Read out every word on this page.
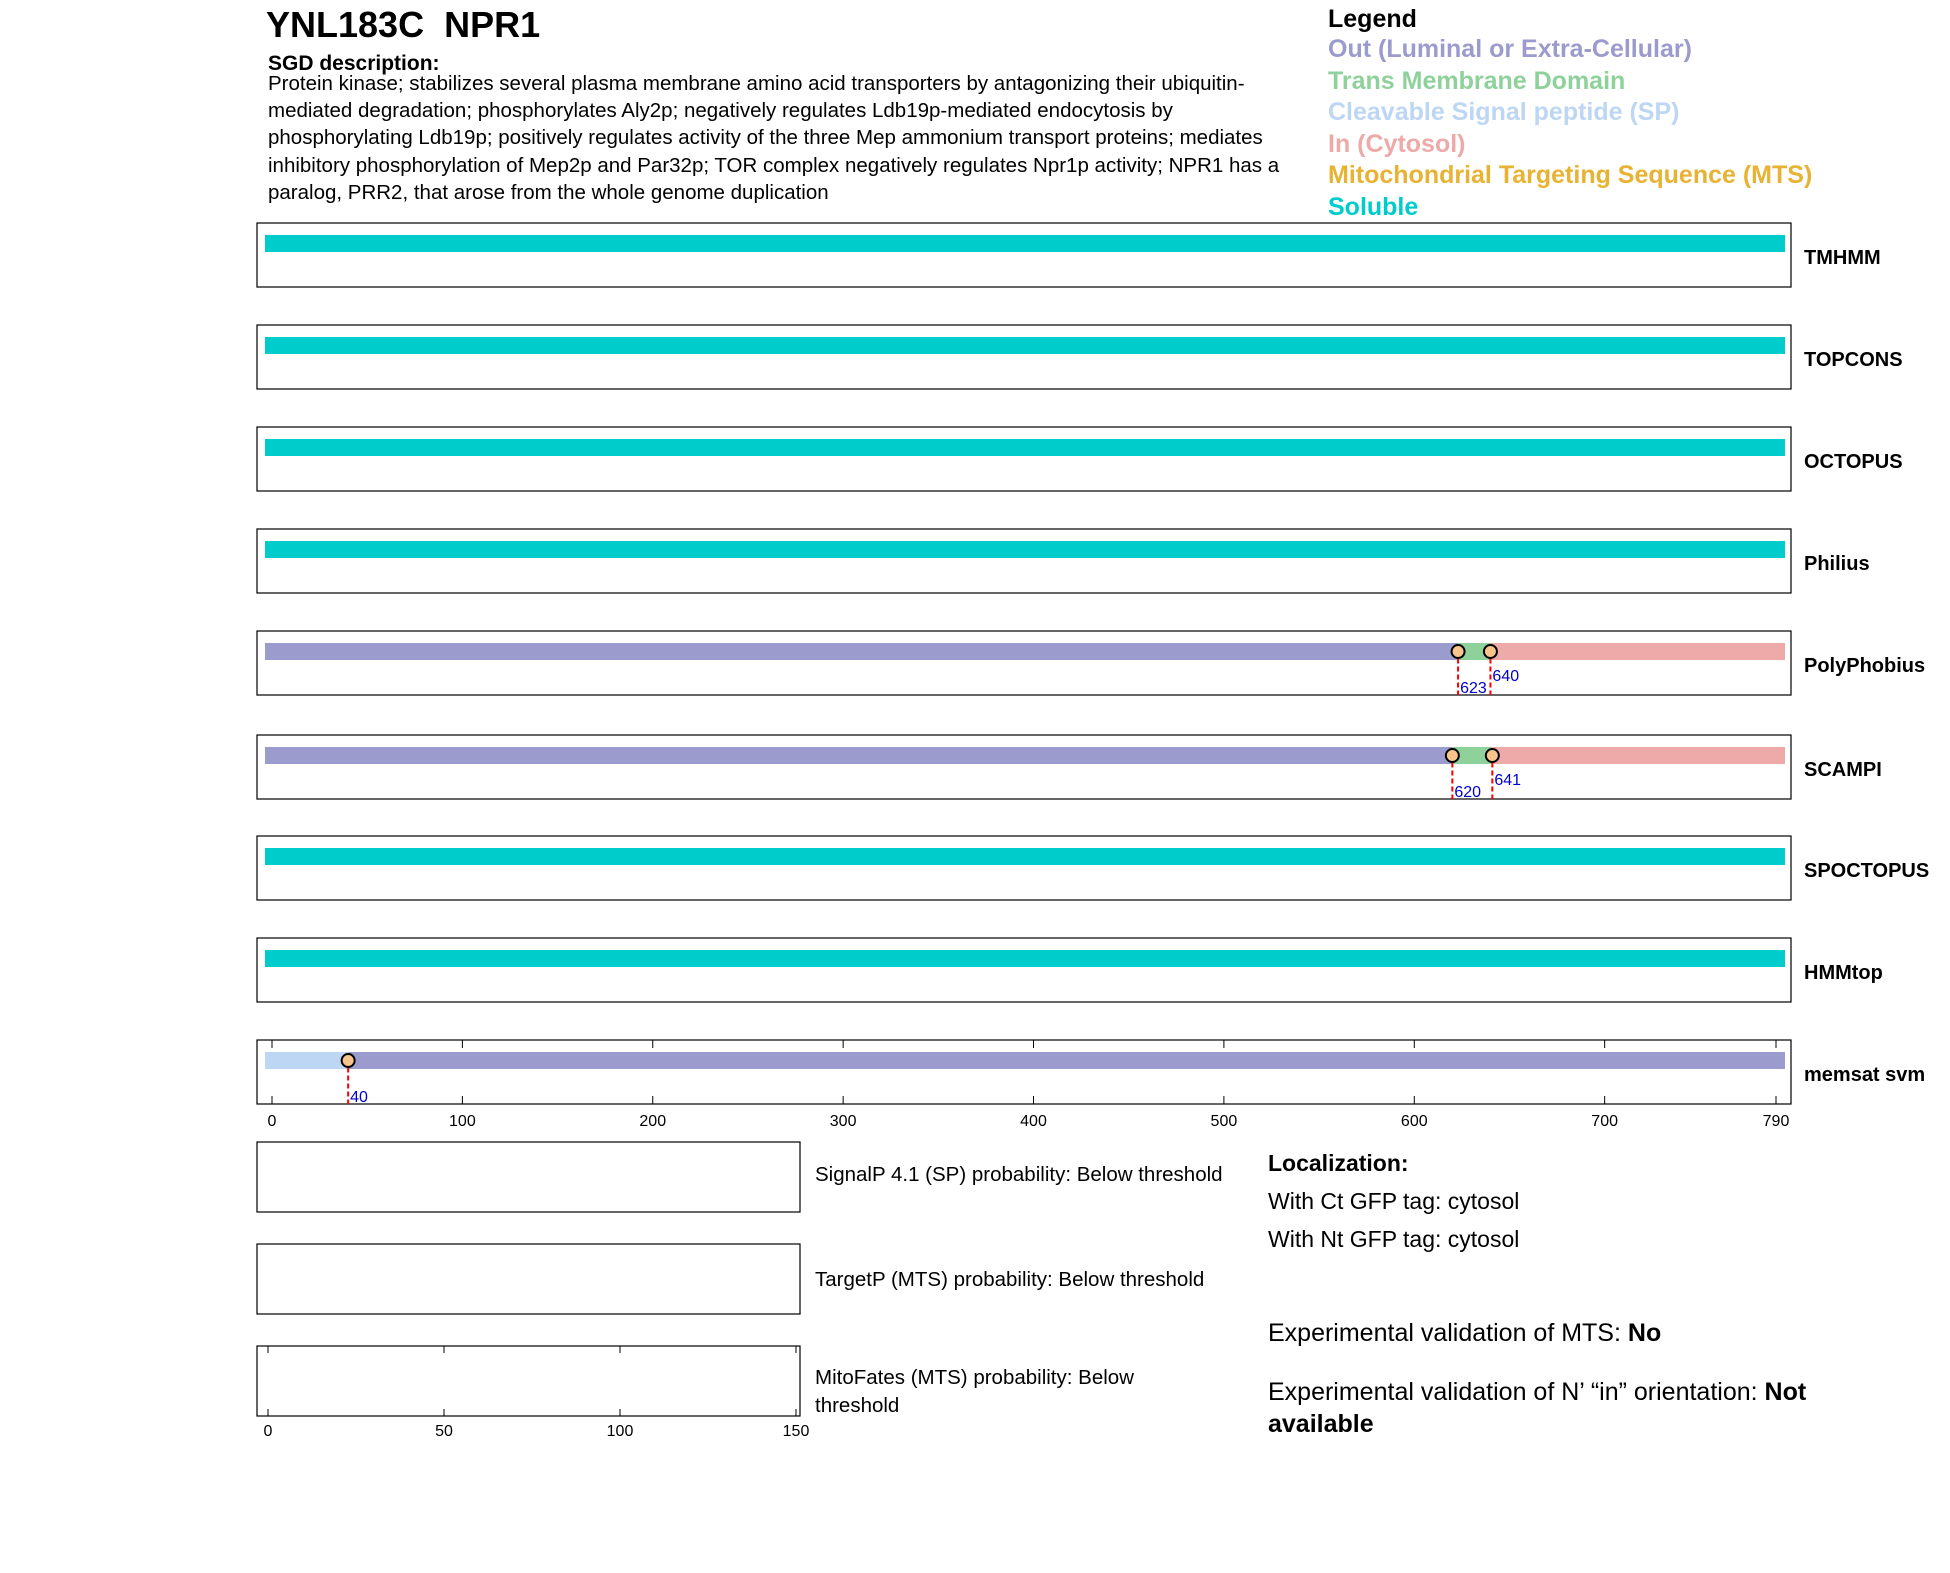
YNL183C  NPR1
SGD description:
Protein kinase; stabilizes several plasma membrane amino acid transporters by antagonizing their ubiquitin-mediated degradation; phosphorylates Aly2p; negatively regulates Ldb19p-mediated endocytosis by phosphorylating Ldb19p; positively regulates activity of the three Mep ammonium transport proteins; mediates inhibitory phosphorylation of Mep2p and Par32p; TOR complex negatively regulates Npr1p activity; NPR1 has a paralog, PRR2, that arose from the whole genome duplication
Legend
Out (Luminal or Extra-Cellular)
Trans Membrane Domain
Cleavable Signal peptide (SP)
In (Cytosol)
Mitochondrial Targeting Sequence (MTS)
Soluble
TMHMM
TOPCONS
OCTOPUS
Philius
623
640	PolyPhobius
620
641	SCAMPI
SPOCTOPUS
HMMtop
40
memsat svm
0	100	200	300	400	500	600	700	790
0	50	100	150
SignalP 4.1 (SP) probability: Below threshold
TargetP (MTS) probability: Below threshold
MitoFates (MTS) probability: Below threshold
Localization:
With Ct GFP tag: cytosol
With Nt GFP tag: cytosol
Experimental validation of MTS: No
Experimental validation of N’ “in” orientation: Not available
